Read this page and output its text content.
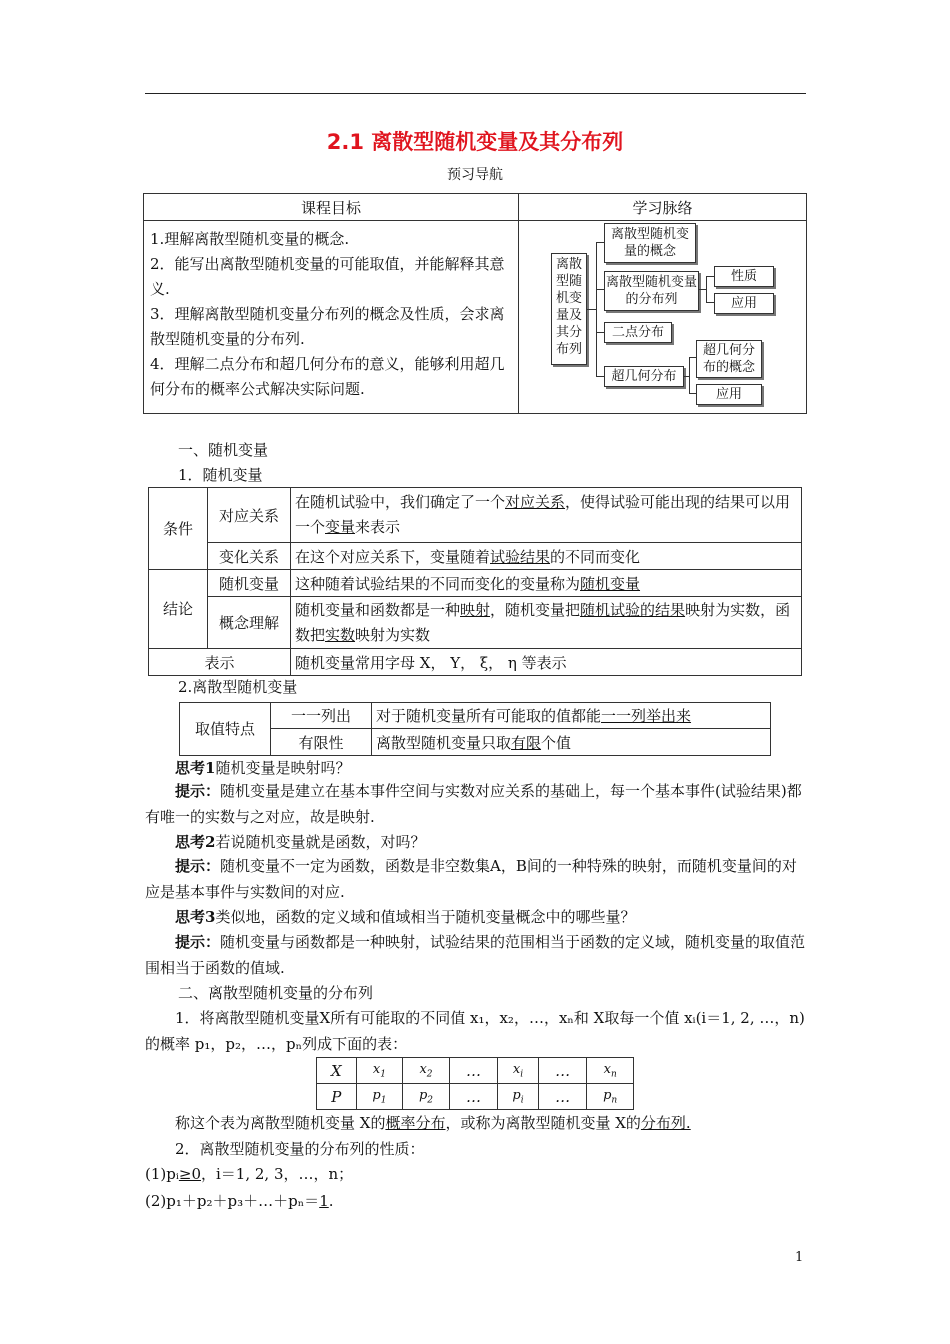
2.1 离散型随机变量及其分布列
预习导航
课程目标	学习脉络

1.理解离散型随机变量的概念.
2．能写出离散型随机变量的可能取值，并能解释其意义.
3．理解离散型随机变量分布列的概念及性质，会求离散型随机变量的分布列.
4．理解二点分布和超几何分布的意义，能够利用超几何分布的概率公式解决实际问题.	

离散型随机变量及其分布列
离散型随机变量的概念
离散型随机变量的分布列
性质
应用
二点分布
超几何分布
超几何分布的概念
应用
一、随机变量
1．随机变量
条件	对应关系	在随机试验中，我们确定了一个对应关系，使得试验可能出现的结果可以用一个变量来表示
	变化关系	在这个对应关系下，变量随着试验结果的不同而变化
结论	随机变量	这种随着试验结果的不同而变化的变量称为随机变量
	概念理解	随机变量和函数都是一种映射，随机变量把随机试验的结果映射为实数，函数把实数映射为实数
表示		随机变量常用字母 X， Y， ξ， η 等表示
2.离散型随机变量
取值特点	一一列出	对于随机变量所有可能取的值都能一一列举出来
	有限性	离散型随机变量只取有限个值
思考1随机变量是映射吗？
提示：随机变量是建立在基本事件空间与实数对应关系的基础上，每一个基本事件(试验结果)都有唯一的实数与之对应，故是映射.
思考2若说随机变量就是函数，对吗？
提示：随机变量不一定为函数，函数是非空数集A，B间的一种特殊的映射，而随机变量间的对应是基本事件与实数间的对应.
思考3类似地，函数的定义域和值域相当于随机变量概念中的哪些量？
提示：随机变量与函数都是一种映射，试验结果的范围相当于函数的定义域，随机变量的取值范围相当于函数的值域.
二、离散型随机变量的分布列
1．将离散型随机变量X所有可能取的不同值 x₁，x₂，…，xₙ和 X取每一个值 xᵢ(i＝1, 2, …，n)的概率 p₁，p₂，…，pₙ列成下面的表：
X	$x_1$	$x_2$	…	$x_i$	…	$x_n$
P	$p_1$	$p_2$	…	$p_i$	…	$p_n$
称这个表为离散型随机变量 X的概率分布，或称为离散型随机变量 X的分布列.
2．离散型随机变量的分布列的性质：
(1)pᵢ≥0，i＝1, 2, 3，…，n；
(2)p₁＋p₂＋p₃＋…＋pₙ＝1.
1
